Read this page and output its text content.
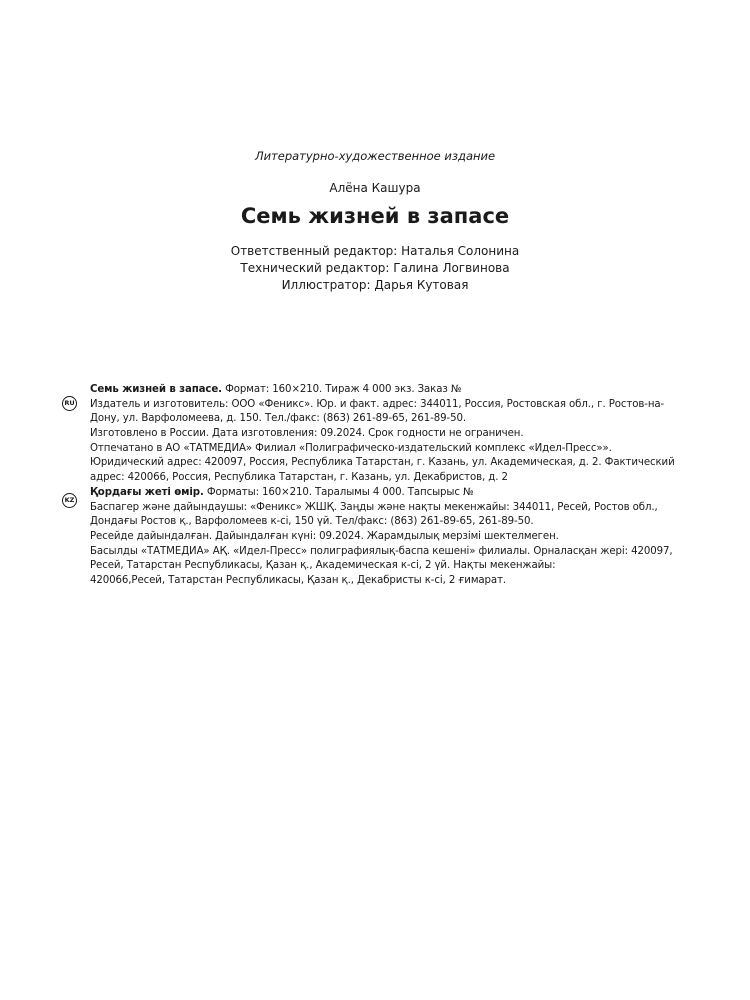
Литературно-художественное издание
Алёна Кашура
Семь жизней в запасе
Ответственный редактор: Наталья Солонина
Технический редактор: Галина Логвинова
Иллюстратор: Дарья Кутовая
RU
KZ
Семь жизней в запасе. Формат: 160×210. Тираж 4 000 экз. Заказ №
Издатель и изготовитель: ООО «Феникс». Юр. и факт. адрес: 344011, Россия, Ростовская обл., г. Ростов-на-
Дону, ул. Варфоломеева, д. 150. Тел./факс: (863) 261-89-65, 261-89-50.
Изготовлено в России. Дата изготовления: 09.2024. Срок годности не ограничен.
Отпечатано в АО «ТАТМЕДИА» Филиал «Полиграфическо-издательский комплекс «Идел-Пресс»».
Юридический адрес: 420097, Россия, Республика Татарстан, г. Казань, ул. Академическая, д. 2. Фактический
адрес: 420066, Россия, Республика Татарстан, г. Казань, ул. Декабристов, д. 2
Қордағы жеті өмір. Форматы: 160×210. Таралымы 4 000. Тапсырыс №
Баспагер және дайындаушы: «Феникс» ЖШҚ. Заңды және нақты мекенжайы: 344011, Ресей, Ростов обл.,
Дондағы Ростов қ., Варфоломеев к-сі, 150 үй. Тел/факс: (863) 261-89-65, 261-89-50.
Ресейде дайындалған. Дайындалған күні: 09.2024. Жарамдылық мерзімі шектелмеген.
Басылды «ТАТМЕДИА» АҚ. «Идел-Пресс» полиграфиялық-баспа кешені» филиалы. Орналасқан жері: 420097,
Ресей, Татарстан Республикасы, Қазан қ., Академическая к-сі, 2 үй. Нақты мекенжайы:
420066,Ресей, Татарстан Республикасы, Қазан қ., Декабристы к-сі, 2 ғимарат.
